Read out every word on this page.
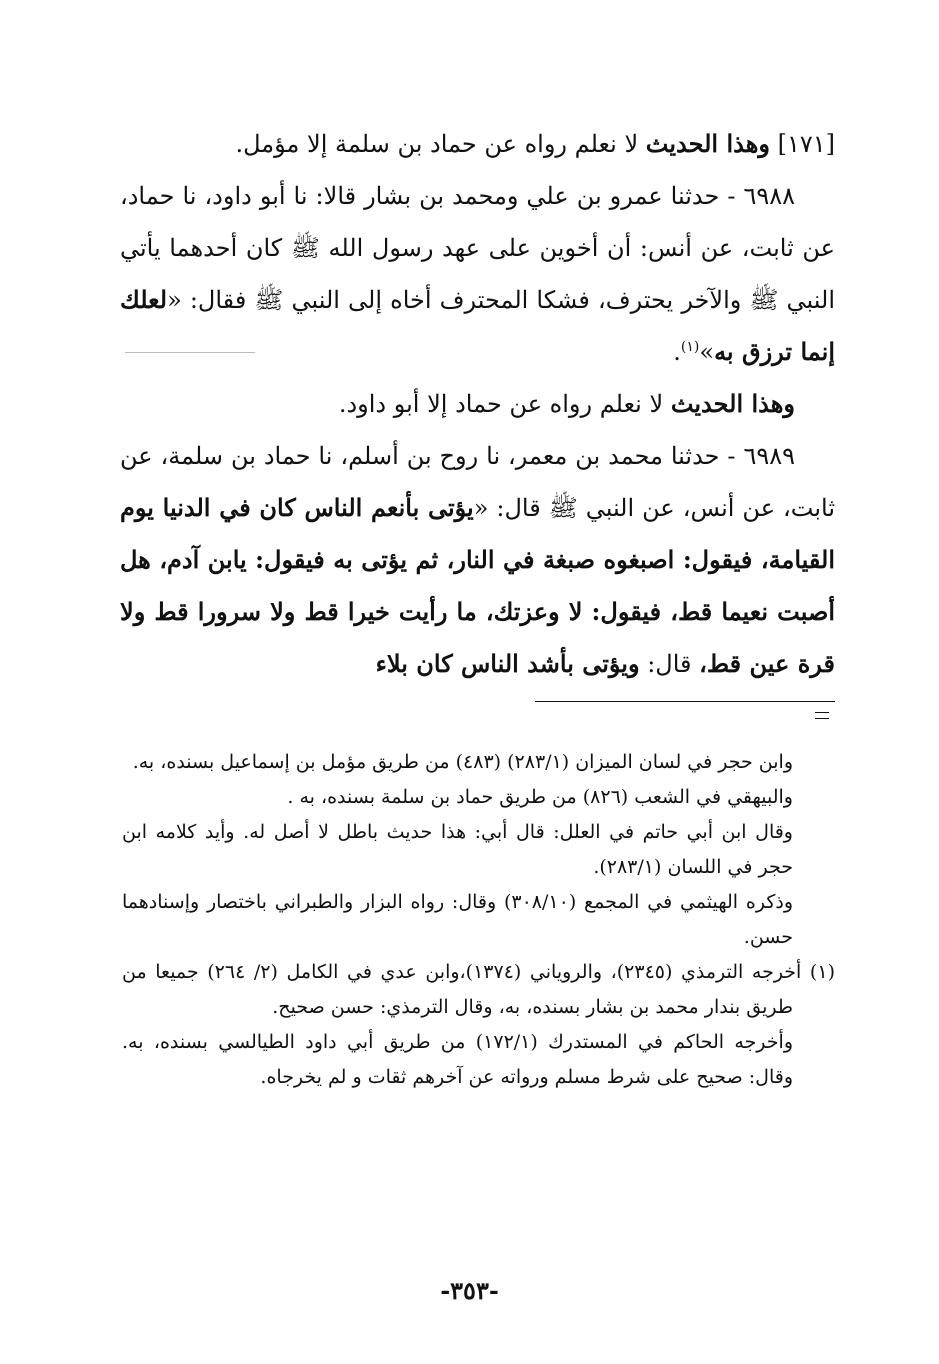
[١٧١] وهذا الحديث لا نعلم رواه عن حماد بن سلمة إلا مؤمل.

٦٩٨٨ - حدثنا عمرو بن علي ومحمد بن بشار قالا: نا أبو داود، نا حماد، عن ثابت، عن أنس: أن أخوين على عهد رسول الله ﷺ كان أحدهما يأتي النبي ﷺ والآخر يحترف، فشكا المحترف أخاه إلى النبي ﷺ فقال: «لعلك إنما ترزق به»$^{(١)}$.

وهذا الحديث لا نعلم رواه عن حماد إلا أبو داود.

٦٩٨٩ - حدثنا محمد بن معمر، نا روح بن أسلم، نا حماد بن سلمة، عن ثابت، عن أنس، عن النبي ﷺ قال: «يؤتى بأنعم الناس كان في الدنيا يوم القيامة، فيقول: اصبغوه صبغة في النار، ثم يؤتى به فيقول: يابن آدم، هل أصبت نعيما قط، فيقول: لا وعزتك، ما رأيت خيرا قط ولا سرورا قط ولا قرة عين قط، قال: ويؤتى بأشد الناس كان بلاء

وابن حجر في لسان الميزان (٢٨٣/١) (٤٨٣) من طريق مؤمل بن إسماعيل بسنده، به.

والبيهقي في الشعب (٨٢٦) من طريق حماد بن سلمة بسنده، به .

وقال ابن أبي حاتم في العلل: قال أبي: هذا حديث باطل لا أصل له. وأيد كلامه ابن حجر في اللسان (٢٨٣/١).

وذكره الهيثمي في المجمع (٣٠٨/١٠) وقال: رواه البزار والطبراني باختصار وإسنادهما حسن.

(١) أخرجه الترمذي (٢٣٤٥)، والروياني (١٣٧٤)،وابن عدي في الكامل (٢/ ٢٦٤) جميعا من طريق بندار محمد بن بشار بسنده، به، وقال الترمذي: حسن صحيح.

وأخرجه الحاكم في المستدرك (١٧٢/١) من طريق أبي داود الطيالسي بسنده، به. وقال: صحيح على شرط مسلم ورواته عن آخرهم ثقات و لم يخرجاه.

-٣٥٣-
